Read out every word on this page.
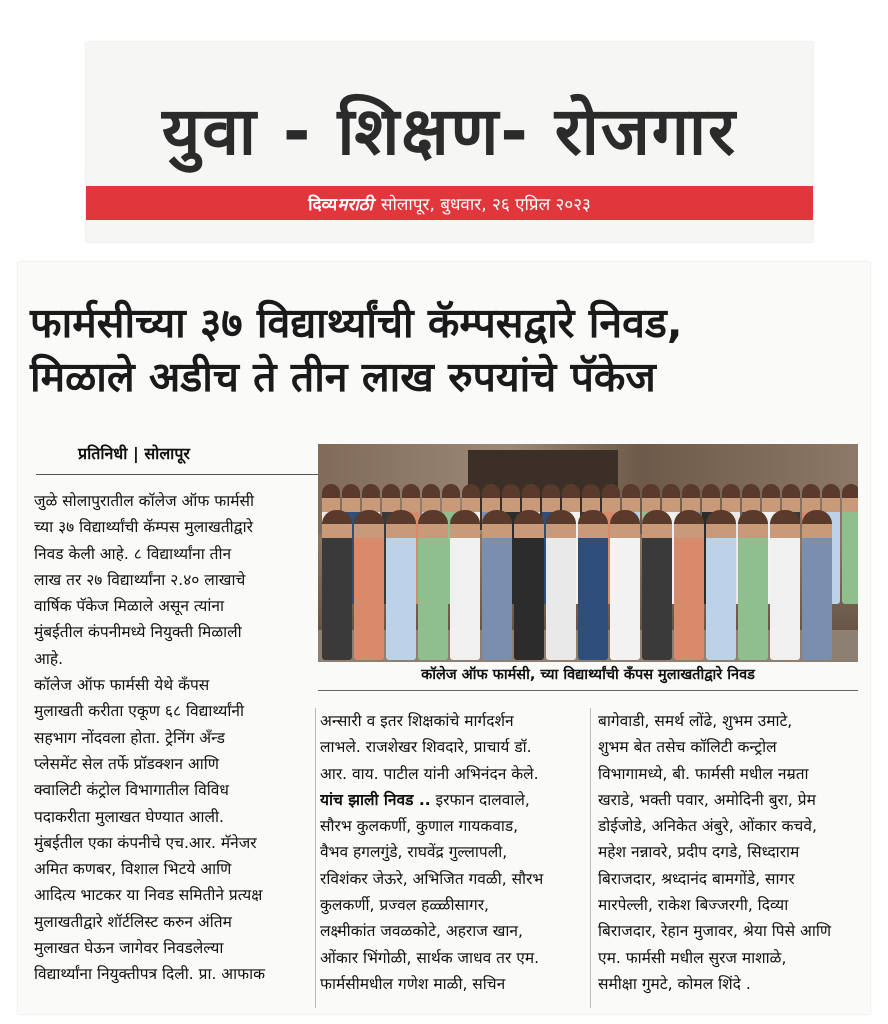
युवा - शिक्षण- रोजगार
दिव्यमराठी सोलापूर, बुधवार, २६ एप्रिल २०२३
फार्मसीच्या ३७ विद्यार्थ्यांची कॅम्पसद्वारे निवड,
मिळाले अडीच ते तीन लाख रुपयांचे पॅकेज
प्रतिनिधी | सोलापूर
कॉलेज ऑफ फार्मसी, च्या विद्यार्थ्यांची कँपस मुलाखतीद्वारे निवड

जुळे सोलापुरातील कॉलेज ऑफ फार्मसी
च्या ३७ विद्यार्थ्यांची कॅम्पस मुलाखतीद्वारे
निवड केली आहे. ८ विद्यार्थ्यांना तीन
लाख तर २७ विद्यार्थ्यांना २.४० लाखाचे
वार्षिक पॅकेज मिळाले असून त्यांना
मुंबईतील कंपनीमध्ये नियुक्ती मिळाली
आहे.

कॉलेज ऑफ फार्मसी येथे कँपस
मुलाखती करीता एकूण ६८ विद्यार्थ्यांनी
सहभाग नोंदवला होता. ट्रेनिंग अँन्ड
प्लेसमेंट सेल तर्फे प्रॉडक्शन आणि
क्वालिटी कंट्रोल विभागातील विविध
पदाकरीता मुलाखत घेण्यात आली.
मुंबईतील एका कंपनीचे एच.आर. मॅनेजर
अमित कणबर, विशाल भिटये आणि
आदित्य भाटकर या निवड समितीने प्रत्यक्ष
मुलाखतीद्वारे शॉर्टलिस्ट करुन अंतिम
मुलाखत घेऊन जागेवर निवडलेल्या
विद्यार्थ्यांना नियुक्तीपत्र दिली. प्रा. आफाक

अन्सारी व इतर शिक्षकांचे मार्गदर्शन
लाभले. राजशेखर शिवदारे, प्राचार्य डॉ.
आर. वाय. पाटील यांनी अभिनंदन केले.

यांच झाली निवड .. इरफान दालवाले,

सौरभ कुलकर्णी, कुणाल गायकवाड,
वैभव हगलगुंडे, राघवेंद्र गुल्लापली,
रविशंकर जेऊरे, अभिजित गवळी, सौरभ
कुलकर्णी, प्रज्वल हळ्ळीसागर,
लक्ष्मीकांत जवळकोटे, अहराज खान,
ओंकार भिंगोळी, सार्थक जाधव तर एम.
फार्मसीमधील गणेश माळी, सचिन

बागेवाडी, समर्थ लोंढे, शुभम उमाटे,
शुभम बेत तसेच कॉलिटी कन्ट्रोल
विभागामध्ये, बी. फार्मसी मधील नम्रता
खराडे, भक्ती पवार, अमोदिनी बुरा, प्रेम
डोईजोडे, अनिकेत अंबुरे, ओंकार कचवे,
महेश नन्नावरे, प्रदीप दगडे, सिध्दाराम
बिराजदार, श्रध्दानंद बामगोंडे, सागर
मारपेल्ली, राकेश बिज्जरगी, दिव्या
बिराजदार, रेहान मुजावर, श्रेया पिसे आणि
एम. फार्मसी मधील सुरज माशाळे,
समीक्षा गुमटे, कोमल शिंदे .
